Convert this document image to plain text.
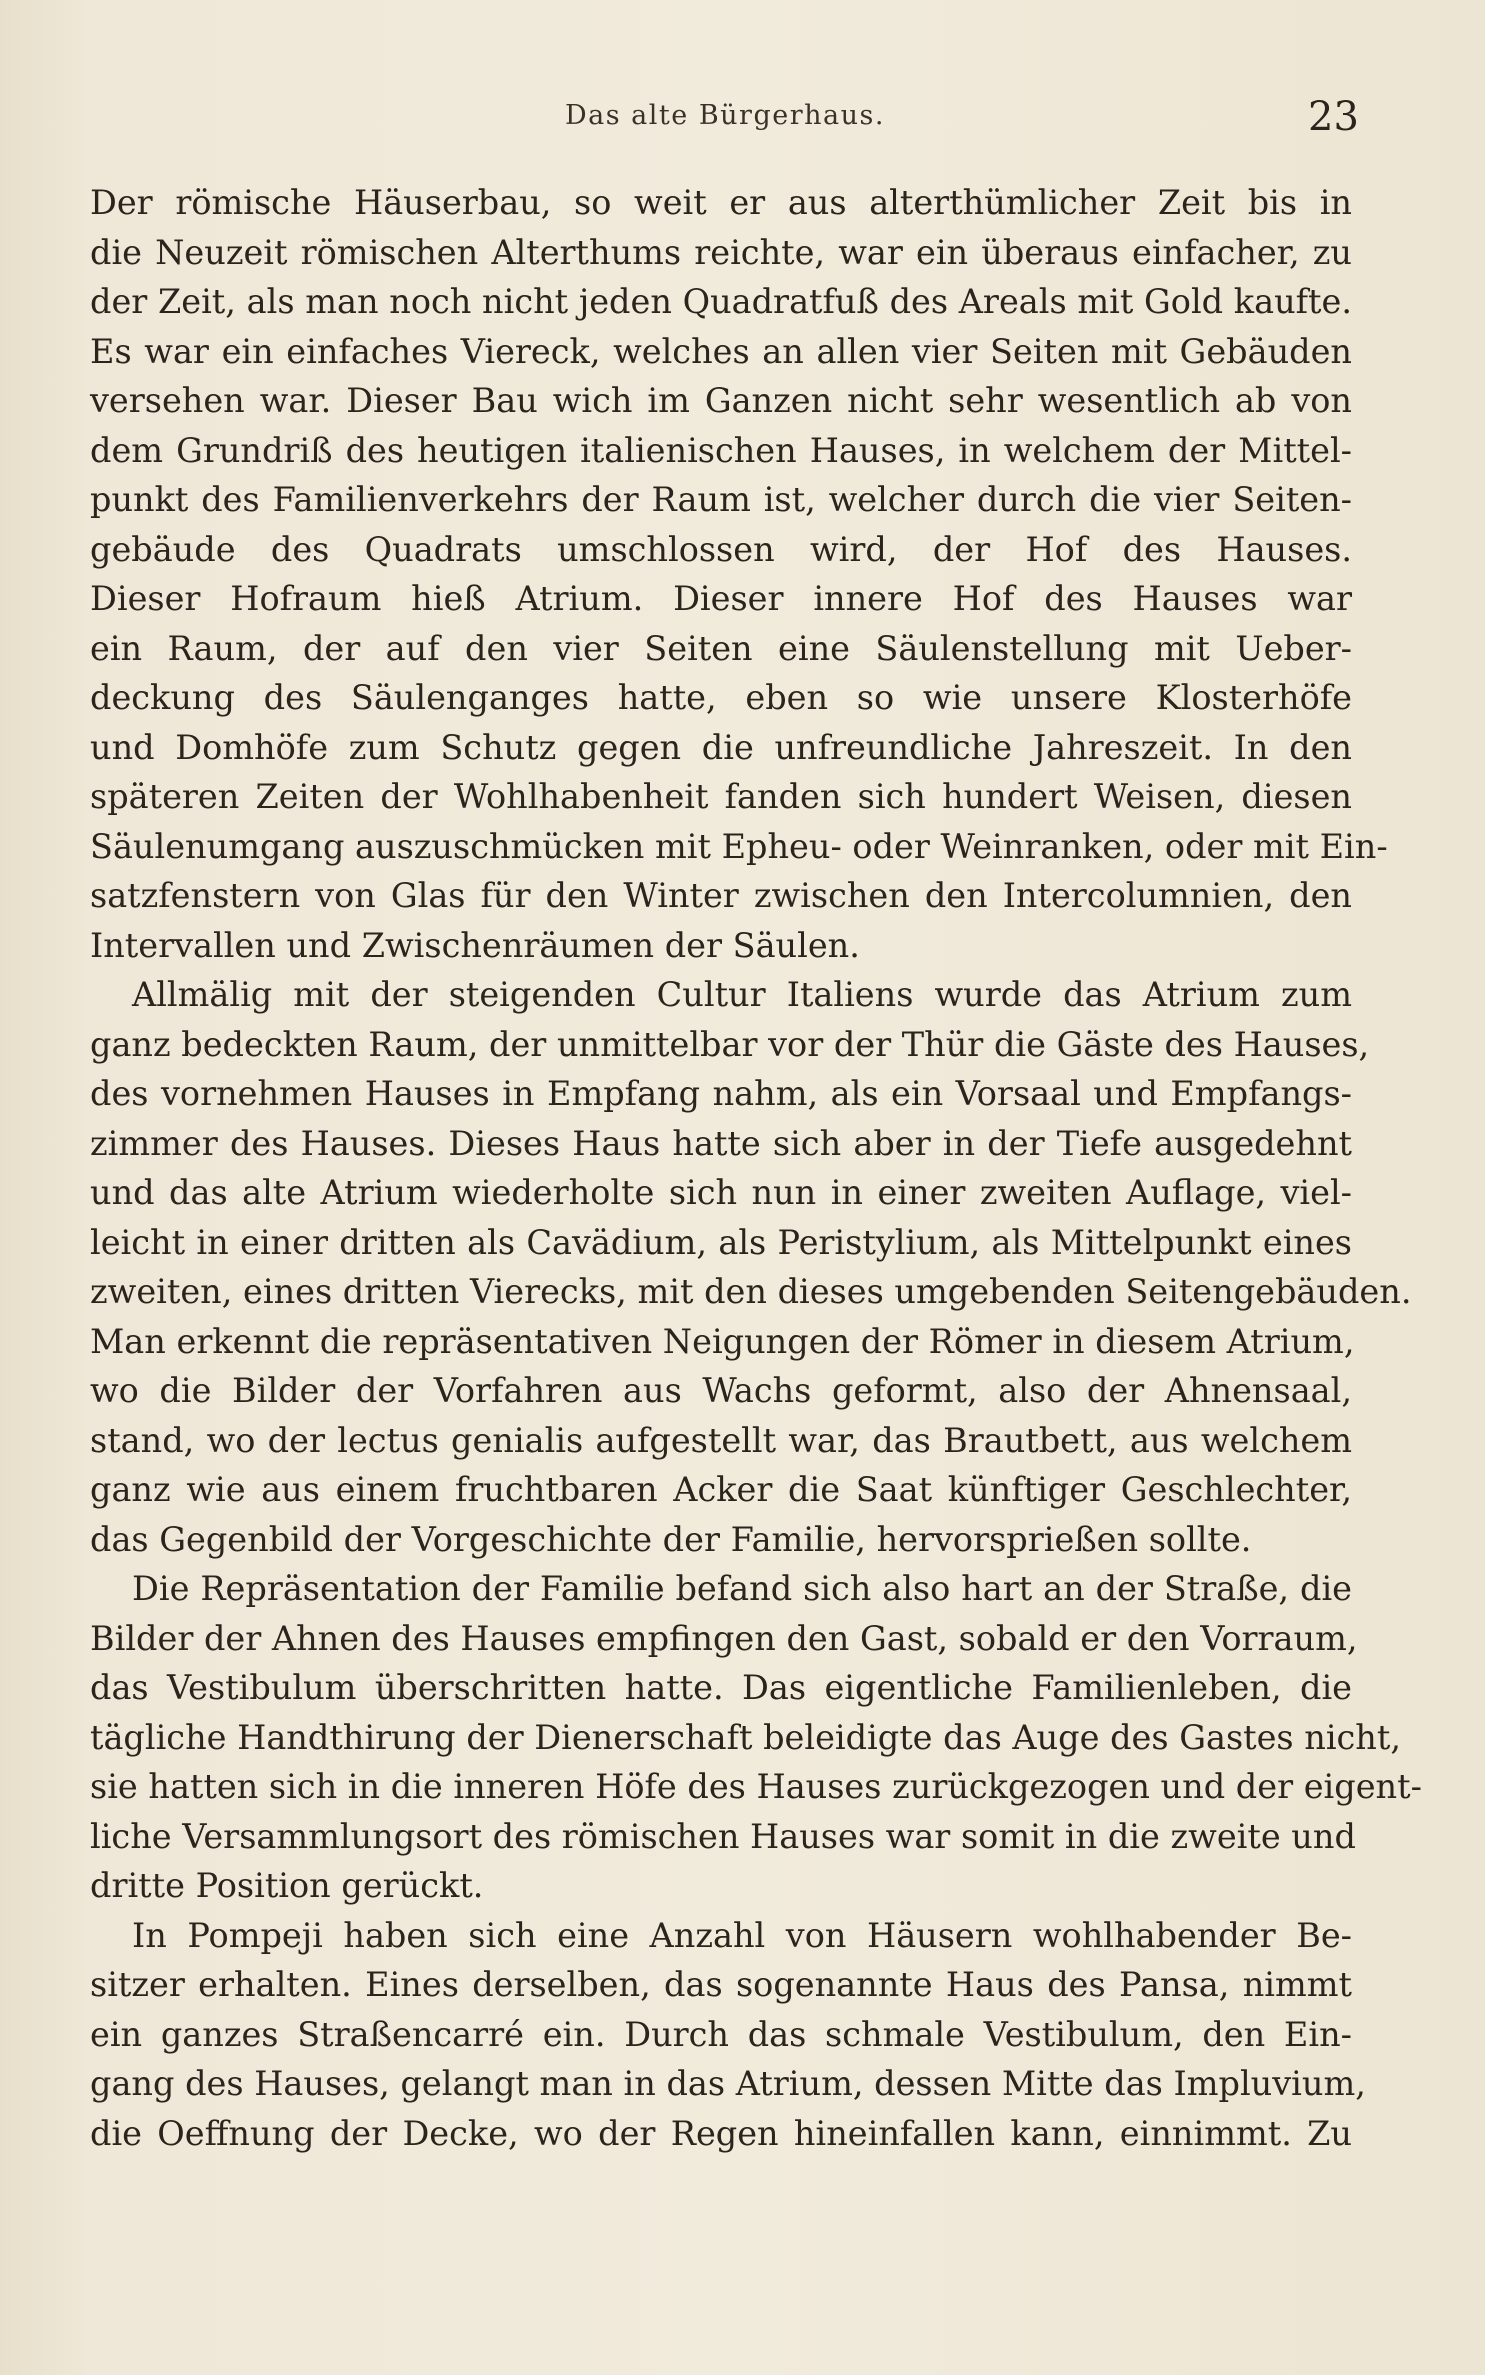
Das alte Bürgerhaus.	23
Der römische Häuserbau, so weit er aus alterthümlicher Zeit bis in
die Neuzeit römischen Alterthums reichte, war ein überaus einfacher, zu
der Zeit, als man noch nicht jeden Quadratfuß des Areals mit Gold kaufte.
Es war ein einfaches Viereck, welches an allen vier Seiten mit Gebäuden
versehen war. Dieser Bau wich im Ganzen nicht sehr wesentlich ab von
dem Grundriß des heutigen italienischen Hauses, in welchem der Mittel-
punkt des Familienverkehrs der Raum ist, welcher durch die vier Seiten-
gebäude des Quadrats umschlossen wird, der Hof des Hauses.
Dieser Hofraum hieß Atrium. Dieser innere Hof des Hauses war
ein Raum, der auf den vier Seiten eine Säulenstellung mit Ueber-
deckung des Säulenganges hatte, eben so wie unsere Klosterhöfe
und Domhöfe zum Schutz gegen die unfreundliche Jahreszeit. In den
späteren Zeiten der Wohlhabenheit fanden sich hundert Weisen, diesen
Säulenumgang auszuschmücken mit Epheu- oder Weinranken, oder mit Ein-
satzfenstern von Glas für den Winter zwischen den Intercolumnien, den
Intervallen und Zwischenräumen der Säulen.
Allmälig mit der steigenden Cultur Italiens wurde das Atrium zum
ganz bedeckten Raum, der unmittelbar vor der Thür die Gäste des Hauses,
des vornehmen Hauses in Empfang nahm, als ein Vorsaal und Empfangs-
zimmer des Hauses. Dieses Haus hatte sich aber in der Tiefe ausgedehnt
und das alte Atrium wiederholte sich nun in einer zweiten Auflage, viel-
leicht in einer dritten als Cavädium, als Peristylium, als Mittelpunkt eines
zweiten, eines dritten Vierecks, mit den dieses umgebenden Seitengebäuden.
Man erkennt die repräsentativen Neigungen der Römer in diesem Atrium,
wo die Bilder der Vorfahren aus Wachs geformt, also der Ahnensaal,
stand, wo der lectus genialis aufgestellt war, das Brautbett, aus welchem
ganz wie aus einem fruchtbaren Acker die Saat künftiger Geschlechter,
das Gegenbild der Vorgeschichte der Familie, hervorsprießen sollte.
Die Repräsentation der Familie befand sich also hart an der Straße, die
Bilder der Ahnen des Hauses empfingen den Gast, sobald er den Vorraum,
das Vestibulum überschritten hatte. Das eigentliche Familienleben, die
tägliche Handthirung der Dienerschaft beleidigte das Auge des Gastes nicht,
sie hatten sich in die inneren Höfe des Hauses zurückgezogen und der eigent-
liche Versammlungsort des römischen Hauses war somit in die zweite und
dritte Position gerückt.
In Pompeji haben sich eine Anzahl von Häusern wohlhabender Be-
sitzer erhalten. Eines derselben, das sogenannte Haus des Pansa, nimmt
ein ganzes Straßencarré ein. Durch das schmale Vestibulum, den Ein-
gang des Hauses, gelangt man in das Atrium, dessen Mitte das Impluvium,
die Oeffnung der Decke, wo der Regen hineinfallen kann, einnimmt. Zu
